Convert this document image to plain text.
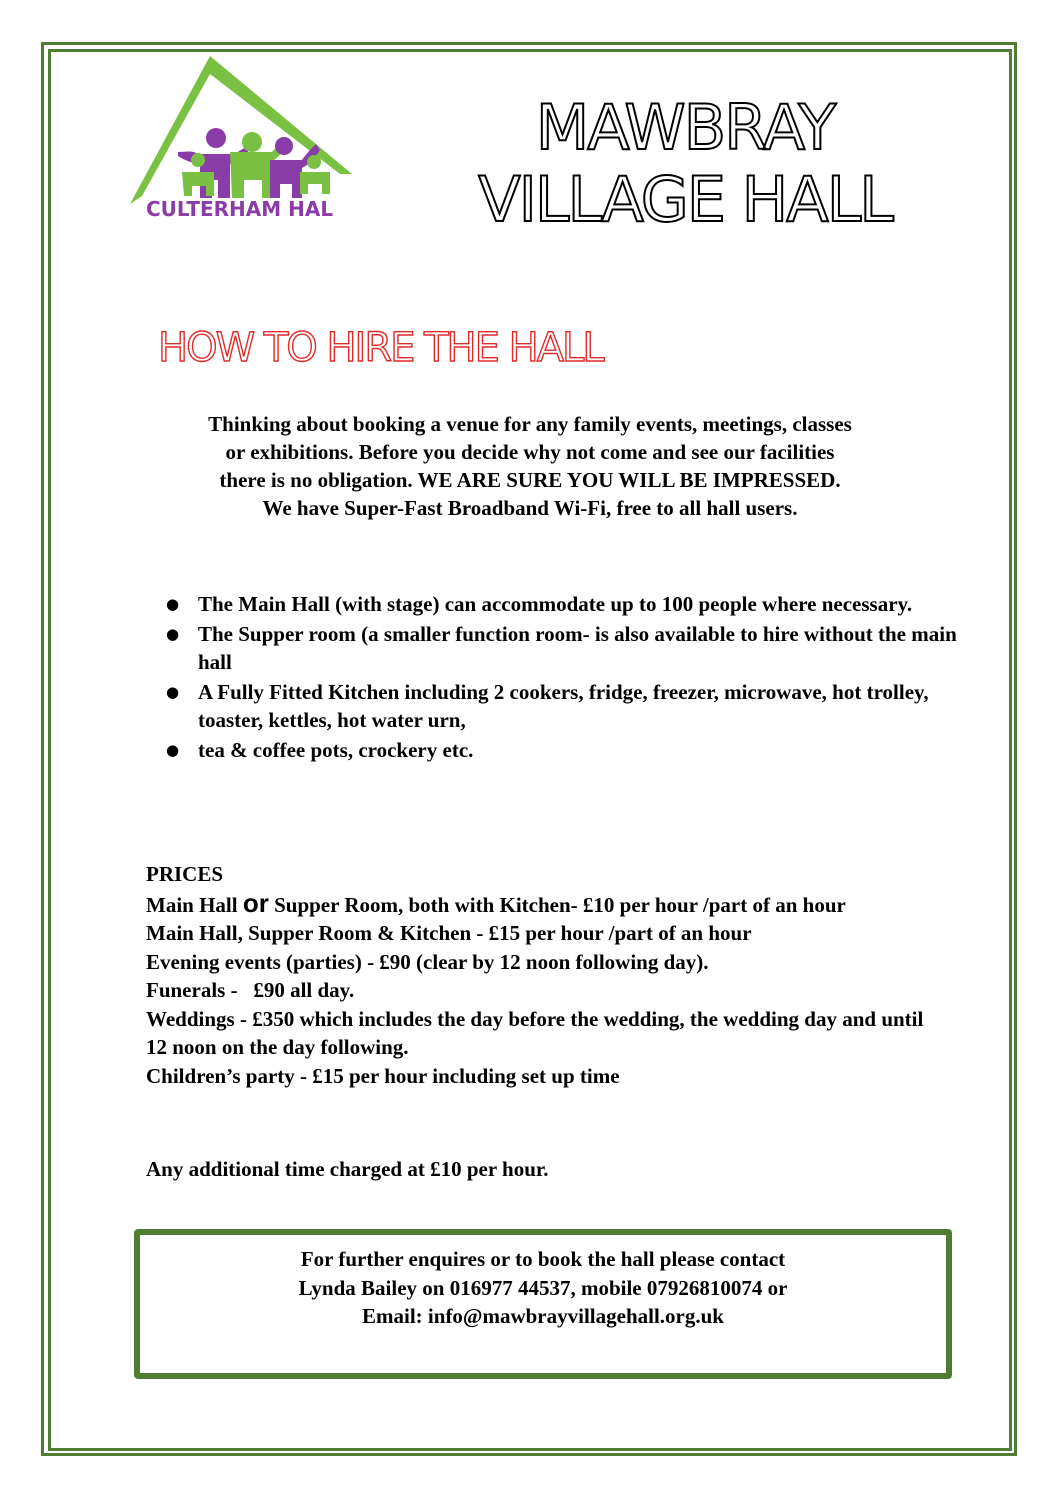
CULTERHAM HAL
MAWBRAY
VILLAGE HALL
HOW TO HIRE THE HALL
Thinking about booking a venue for any family events, meetings, classes
or exhibitions. Before you decide why not come and see our facilities
there is no obligation. WE ARE SURE YOU WILL BE IMPRESSED.
We have Super-Fast Broadband Wi-Fi, free to all hall users.
● The Main Hall (with stage) can accommodate up to 100 people where necessary.
● The Supper room (a smaller function room- is also available to hire without the main hall
● A Fully Fitted Kitchen including 2 cookers, fridge, freezer, microwave, hot trolley, toaster, kettles, hot water urn,
● tea & coffee pots, crockery etc.
PRICES
Main Hall or Supper Room, both with Kitchen- £10 per hour /part of an hour
Main Hall, Supper Room & Kitchen - £15 per hour /part of an hour
Evening events (parties) - £90 (clear by 12 noon following day).
Funerals -   £90 all day.
Weddings - £350 which includes the day before the wedding, the wedding day and until 12 noon on the day following.
Children’s party - £15 per hour including set up time
Any additional time charged at £10 per hour.
For further enquires or to book the hall please contact
Lynda Bailey on 016977 44537, mobile 07926810074 or
Email: info@mawbrayvillagehall.org.uk
